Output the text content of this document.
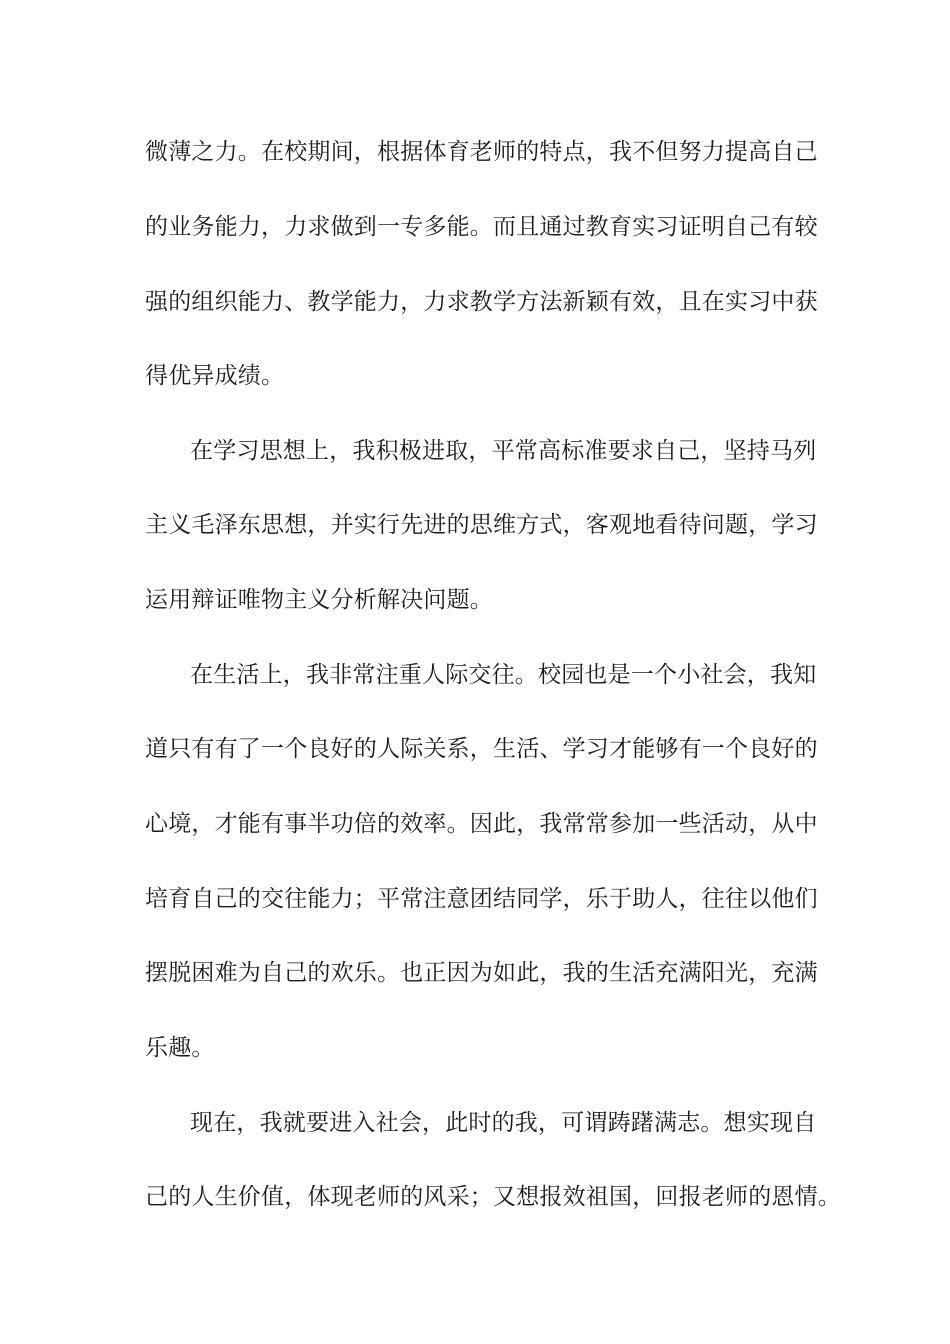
微薄之力。在校期间，根据体育老师的特点，我不但努力提高自己
的业务能力，力求做到一专多能。而且通过教育实习证明自己有较
强的组织能力、教学能力，力求教学方法新颖有效，且在实习中获
得优异成绩。
在学习思想上，我积极进取，平常高标准要求自己，坚持马列
主义毛泽东思想，并实行先进的思维方式，客观地看待问题，学习
运用辩证唯物主义分析解决问题。
在生活上，我非常注重人际交往。校园也是一个小社会，我知
道只有有了一个良好的人际关系，生活、学习才能够有一个良好的
心境，才能有事半功倍的效率。因此，我常常参加一些活动，从中
培育自己的交往能力；平常注意团结同学，乐于助人，往往以他们
摆脱困难为自己的欢乐。也正因为如此，我的生活充满阳光，充满
乐趣。
现在，我就要进入社会，此时的我，可谓踌躇满志。想实现自
己的人生价值，体现老师的风采；又想报效祖国，回报老师的恩情。
